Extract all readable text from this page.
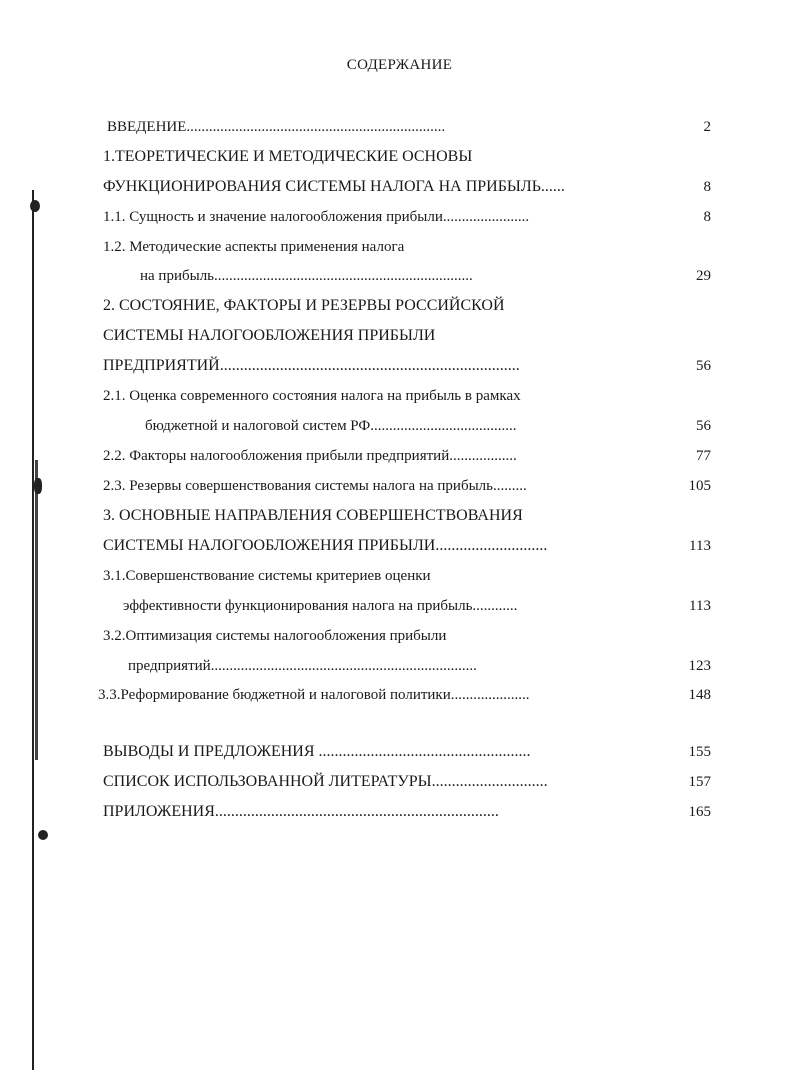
СОДЕРЖАНИЕ
ВВЕДЕНИЕ.....................................................................	2
1.ТЕОРЕТИЧЕСКИЕ И МЕТОДИЧЕСКИЕ ОСНОВЫ
ФУНКЦИОНИРОВАНИЯ СИСТЕМЫ НАЛОГА НА ПРИБЫЛЬ......	8
1.1. Сущность и значение налогообложения прибыли.......................	8
1.2. Методические аспекты применения налога
на прибыль.....................................................................	29
2. СОСТОЯНИЕ, ФАКТОРЫ И РЕЗЕРВЫ РОССИЙСКОЙ
СИСТЕМЫ НАЛОГООБЛОЖЕНИЯ ПРИБЫЛИ
ПРЕДПРИЯТИЙ...........................................................................	56
2.1. Оценка современного состояния налога на прибыль в рамках
бюджетной и налоговой систем РФ.......................................	56
2.2. Факторы налогообложения прибыли предприятий..................	77
2.3. Резервы совершенствования системы налога на прибыль.........	105
3. ОСНОВНЫЕ НАПРАВЛЕНИЯ СОВЕРШЕНСТВОВАНИЯ
СИСТЕМЫ НАЛОГООБЛОЖЕНИЯ ПРИБЫЛИ............................	113
3.1.Совершенствование системы критериев оценки
эффективности функционирования налога на прибыль............	113
3.2.Оптимизация системы налогообложения прибыли
предприятий.......................................................................	123
3.3.Реформирование бюджетной и налоговой политики.....................	148
ВЫВОДЫ И ПРЕДЛОЖЕНИЯ .....................................................	155
СПИСОК ИСПОЛЬЗОВАННОЙ ЛИТЕРАТУРЫ.............................	157
ПРИЛОЖЕНИЯ.......................................................................	165
